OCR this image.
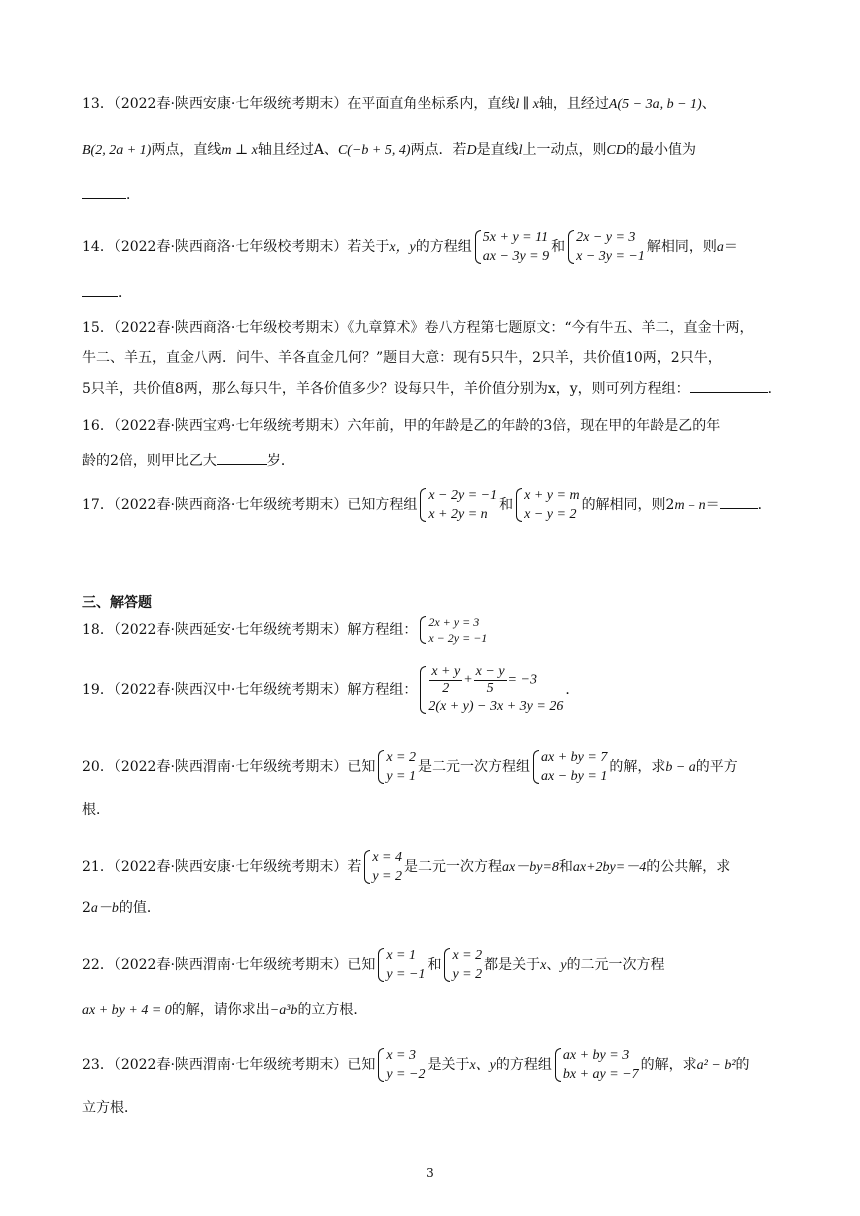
13．（2022春·陕西安康·七年级统考期末）在平面直角坐标系内，直线l ∥ x轴，且经过A(5 − 3a, b − 1)、
B(2, 2a + 1)两点，直线m ⊥ x轴且经过A、C(−b + 5, 4)两点．若D是直线l上一动点，则CD的最小值为
．
14．（2022春·陕西商洛·七年级校考期末）若关于x，y的方程组
5x + y = 11
ax − 3y = 9
和
2x − y = 3
x − 3y = −1
解相同，则a＝
．
15．（2022春·陕西商洛·七年级校考期末）《九章算术》卷八方程第七题原文：“今有牛五、羊二，直金十两，
牛二、羊五，直金八两．问牛、羊各直金几何？”题目大意：现有5只牛，2只羊，共价值10两，2只牛，
5只羊，共价值8两，那么每只牛，羊各价值多少？设每只牛，羊价值分别为x，y，则可列方程组：	．
16．（2022春·陕西宝鸡·七年级统考期末）六年前，甲的年龄是乙的年龄的3倍，现在甲的年龄是乙的年
龄的2倍，则甲比乙大	岁．
17．（2022春·陕西商洛·七年级统考期末）已知方程组
x − 2y = −1
x + 2y = n
和
x + y = m
x − y = 2
的解相同，则2m﹣n＝	．
三、解答题
18．（2022春·陕西延安·七年级统考期末）解方程组： 2x + y = 3
x − 2y = −1
19．（2022春·陕西汉中·七年级统考期末）解方程组： $\frac{x + y}{2} + \frac{x - y}{5} = -3$
2(x + y) − 3x + 3y = 26
．
20．（2022春·陕西渭南·七年级统考期末）已知
x = 2
y = 1
是二元一次方程组
ax + by = 7
ax − by = 1
的解，求b − a的平方
根．
21．（2022春·陕西安康·七年级统考期末）若
x = 4
y = 2
是二元一次方程ax－by=8和ax+2by=－4的公共解，求
2a－b的值．
22．（2022春·陕西渭南·七年级统考期末）已知
x = 1
y = −1
和
x = 2
y = 2
都是关于x、y的二元一次方程
ax + by + 4 = 0的解，请你求出−a³b的立方根．
23．（2022春·陕西渭南·七年级统考期末）已知
x = 3
y = −2
是关于x、y的方程组
ax + by = 3
bx + ay = −7
的解，求a² − b²的
立方根．
3
